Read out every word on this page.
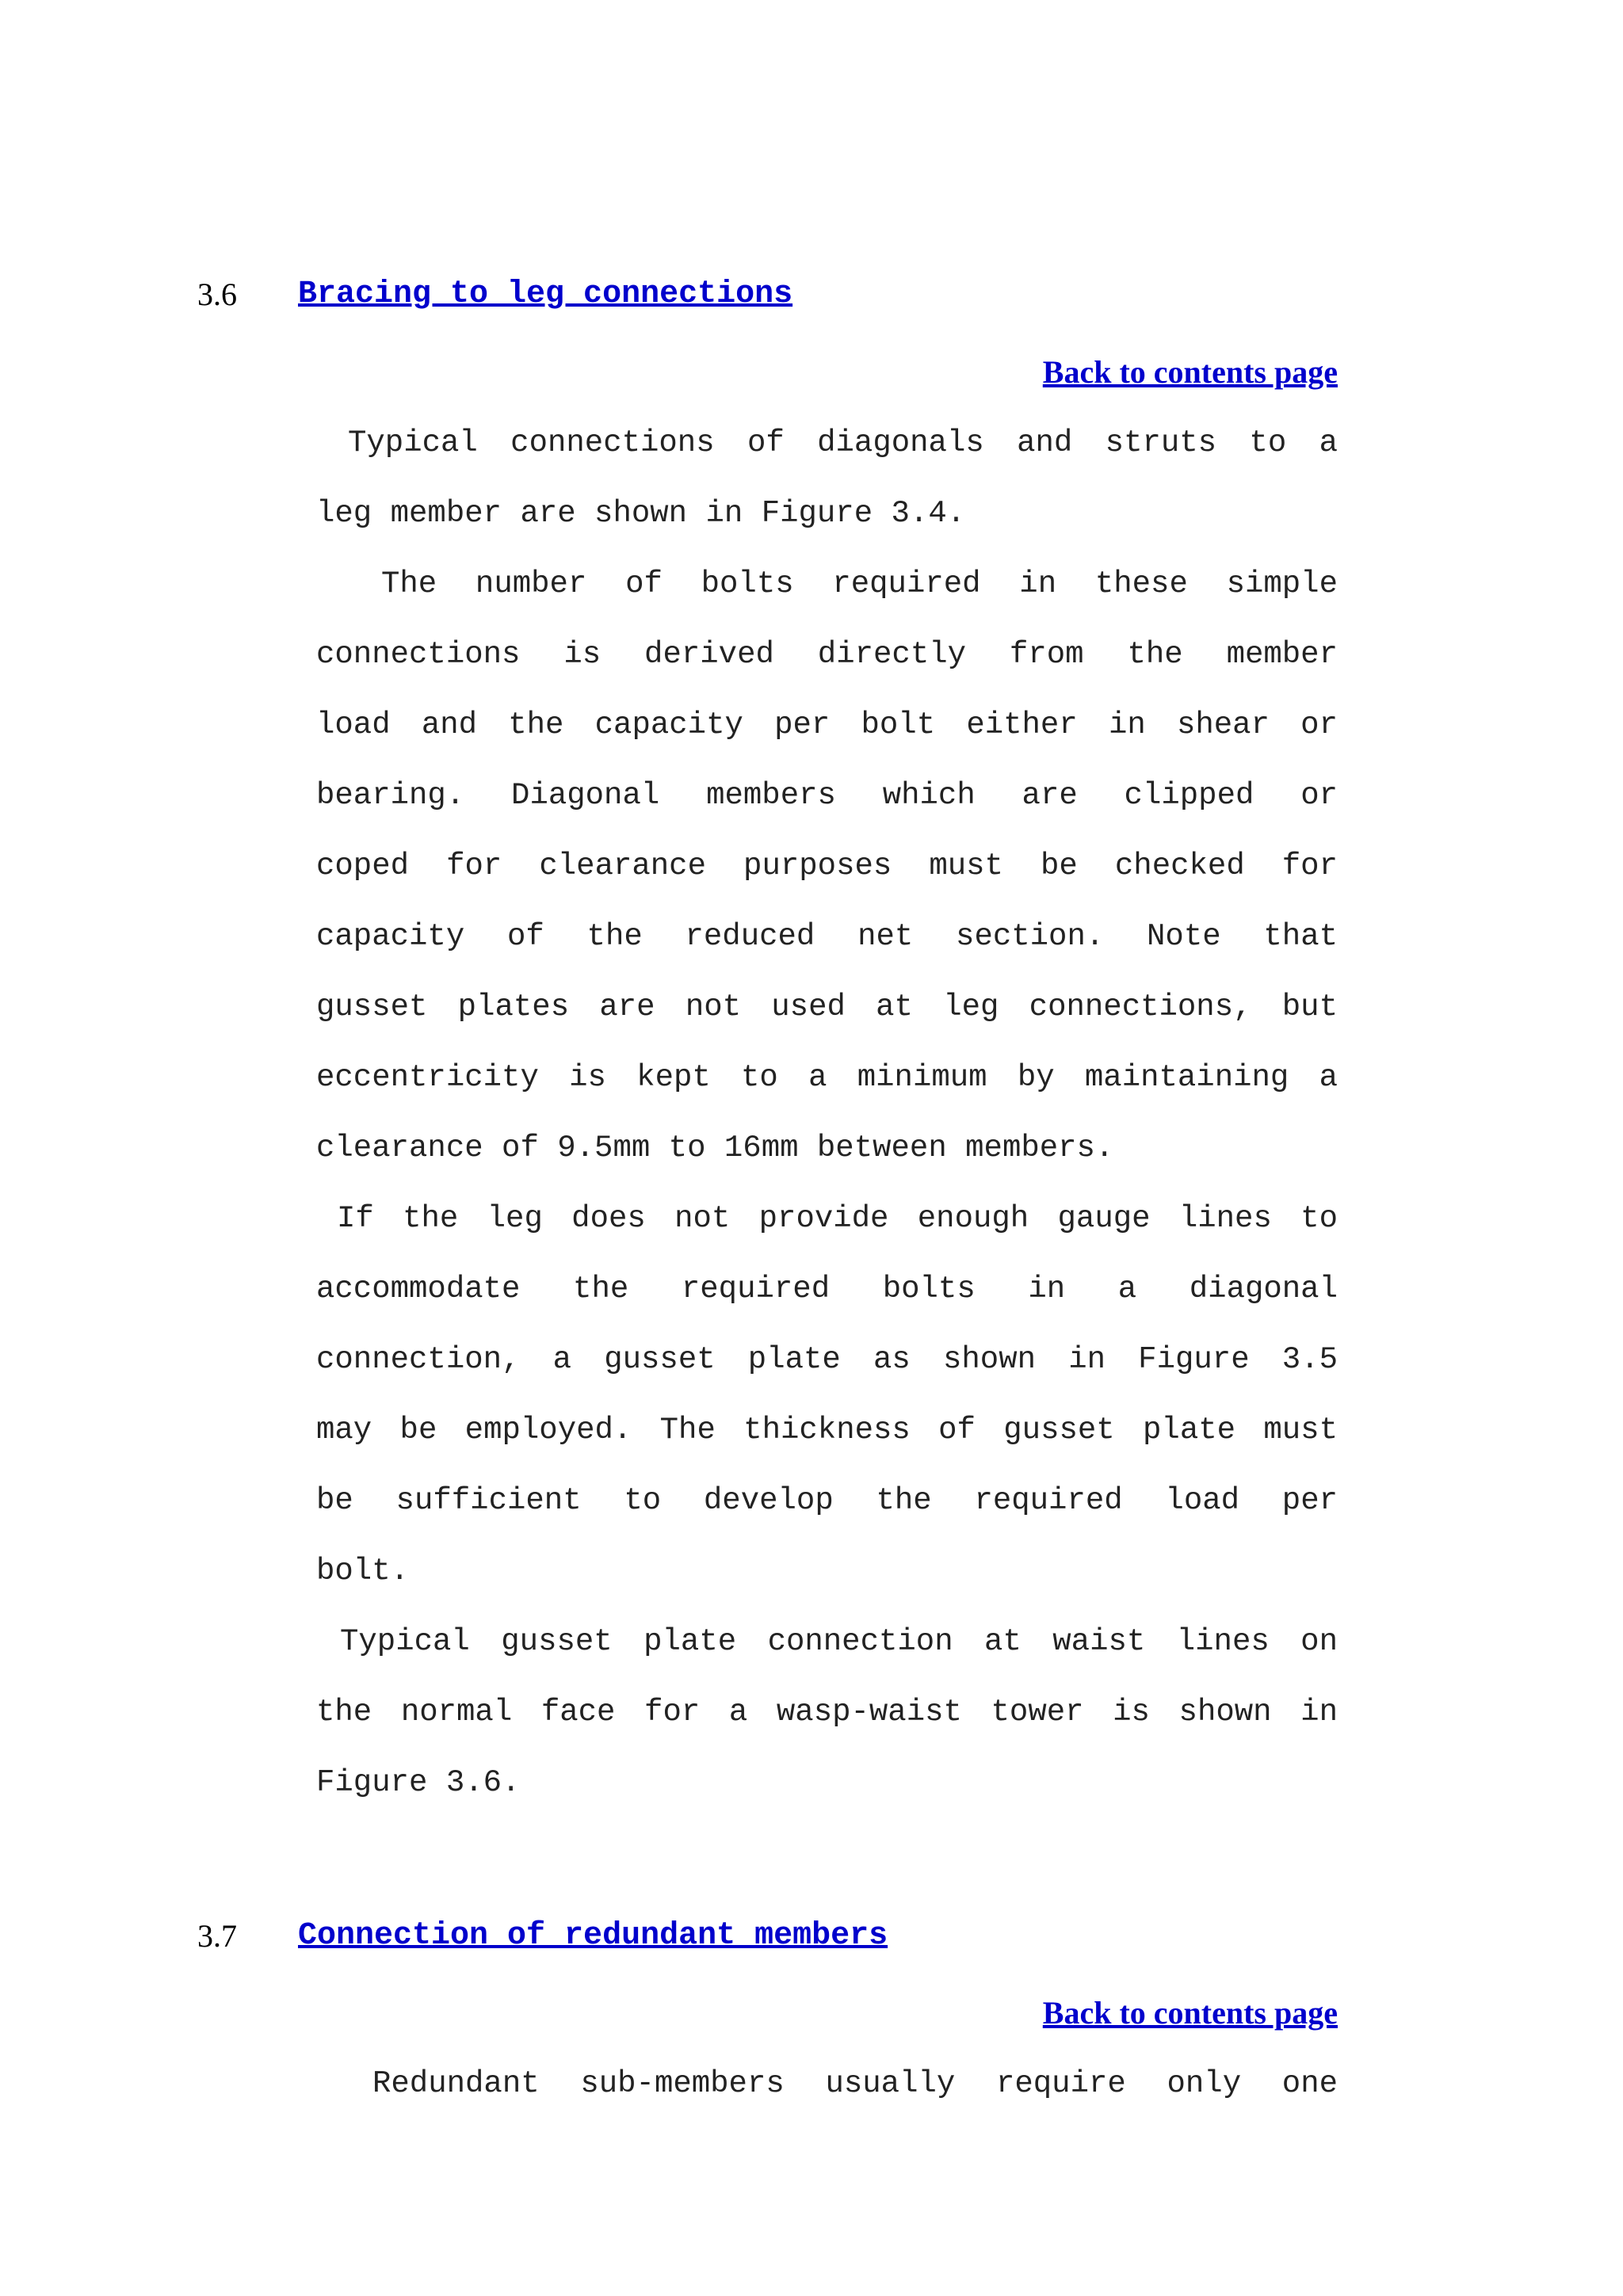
3.6 Bracing to leg connections
Back to contents page
Typical connections of diagonals and struts to a
leg member are shown in Figure 3.4.
The number of bolts required in these simple
connections is derived directly from the member
load and the capacity per bolt either in shear or
bearing. Diagonal members which are clipped or
coped for clearance purposes must be checked for
capacity of the reduced net section. Note that
gusset plates are not used at leg connections, but
eccentricity is kept to a minimum by maintaining a
clearance of 9.5mm to 16mm between members.
If the leg does not provide enough gauge lines to
accommodate the required bolts in a diagonal
connection, a gusset plate as shown in Figure 3.5
may be employed. The thickness of gusset plate must
be sufficient to develop the required load per
bolt.
Typical gusset plate connection at waist lines on
the normal face for a wasp-waist tower is shown in
Figure 3.6.
3.7 Connection of redundant members
Back to contents page
Redundant sub-members usually require only one
